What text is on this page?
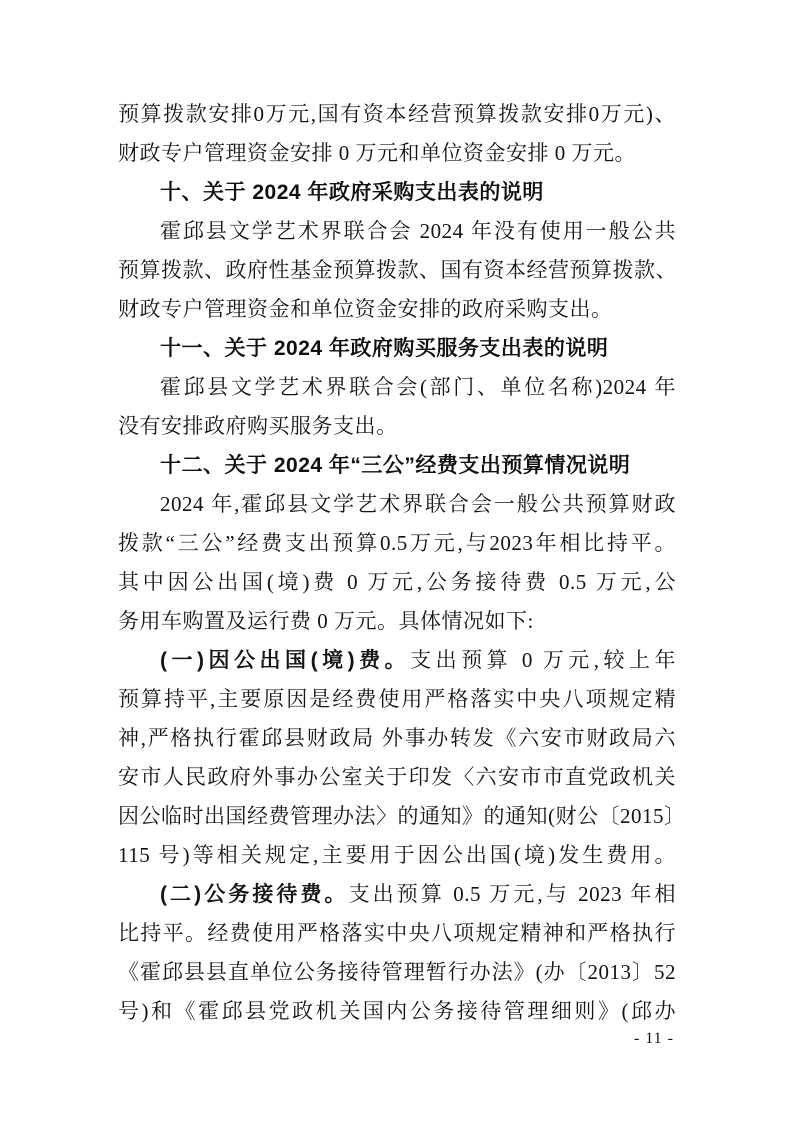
预算拨款安排0万元,国有资本经营预算拨款安排0万元)、
财政专户管理资金安排 0 万元和单位资金安排 0 万元。
十、关于 2024 年政府采购支出表的说明
霍邱县文学艺术界联合会 2024 年没有使用一般公共
预算拨款、政府性基金预算拨款、国有资本经营预算拨款、
财政专户管理资金和单位资金安排的政府采购支出。
十一、关于 2024 年政府购买服务支出表的说明
霍邱县文学艺术界联合会(部门、单位名称)2024 年
没有安排政府购买服务支出。
十二、关于 2024 年“三公”经费支出预算情况说明
2024 年,霍邱县文学艺术界联合会一般公共预算财政
拨款“三公”经费支出预算0.5万元,与2023年相比持平。
其中因公出国(境)费 0 万元,公务接待费 0.5 万元,公
务用车购置及运行费 0 万元。具体情况如下:
(一)因公出国(境)费。支出预算 0 万元,较上年
预算持平,主要原因是经费使用严格落实中央八项规定精
神,严格执行霍邱县财政局 外事办转发《六安市财政局六
安市人民政府外事办公室关于印发〈六安市市直党政机关
因公临时出国经费管理办法〉的通知》的通知(财公〔2015〕
115 号)等相关规定,主要用于因公出国(境)发生费用。
(二)公务接待费。支出预算 0.5 万元,与 2023 年相
比持平。经费使用严格落实中央八项规定精神和严格执行
《霍邱县县直单位公务接待管理暂行办法》(办〔2013〕52
号)和《霍邱县党政机关国内公务接待管理细则》(邱办
- 11 -
